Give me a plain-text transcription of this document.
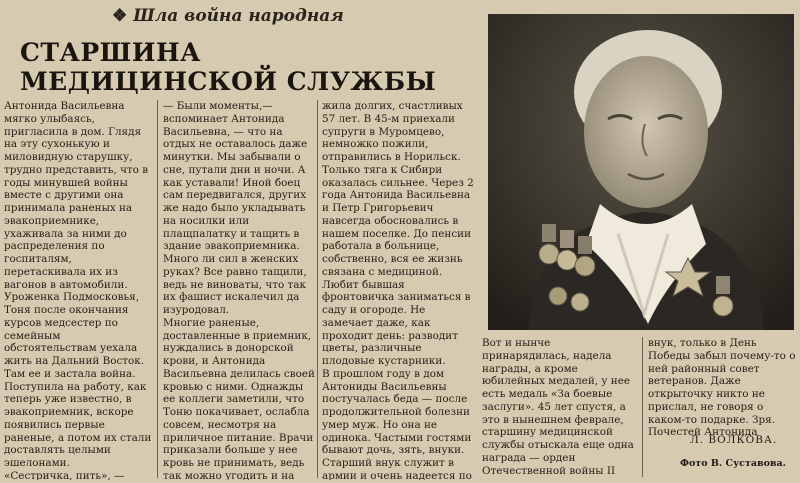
❖ Шла война народная
СТАРШИНА
МЕДИЦИНСКОЙ СЛУЖБЫ
Антонида Васильевна мягко улыбаясь, пригласила в дом. Глядя на эту сухонькую и миловидную старушку, трудно представить, что в годы минувшей войны вместе с другими она принимала раненых на эвакоприемнике, ухаживала за ними до распределения по госпиталям, перетаскивала их из вагонов в автомобили.
Уроженка Подмосковья, Тоня после окончания курсов медсестер по семейным обстоятельствам уехала жить на Дальний Восток. Там ее и застала война. Поступила на работу, как теперь уже известно, в эвакоприемник, вскоре появились первые раненые, а потом их стали доставлять целыми эшелонами.
«Сестричка, пить», —
— Были моменты,—вспоминает Антонида Васильевна, — что на отдых не оставалось даже минутки. Мы забывали о сне, путали дни и ночи. А как уставали! Иной боец сам передвигался, других же надо было укладывать на носилки или плащпалатку и тащить в здание эвакоприемника. Много ли сил в женских руках? Все равно тащили, ведь не виноваты, что так их фашист искалечил да изуродовал.
Многие раненые, доставленные в приемник, нуждались в донорской крови, и Антонида Васильевна делилась своей кровью с ними. Однажды ее коллеги заметили, что Тоню покачивает, ослабла совсем, несмотря на приличное питание. Врачи приказали больше у нее кровь не принимать, ведь так можно угодить и на

жила долгих, счастливых 57 лет. В 45-м приехали супруги в Муромцево, немножко пожили, отправились в Норильск. Только тяга к Сибири оказалась сильнее. Через 2 года Антонида Васильевна и Петр Григорьевич навсегда обосновались в нашем поселке. До пенсии работала в больнице, собственно, вся ее жизнь связана с медициной.
Любит бывшая фронтовичка заниматься в саду и огороде. Не замечает даже, как проходит день: разводит цветы, различные плодовые кустарники.
В прошлом году в дом Антониды Васильевны постучалась беда — после продолжительной болезни умер муж. Но она не одинока. Частыми гостями бывают дочь, зять, внуки. Старший внук служит в армии и очень надеется по

Вот и нынче принарядилась, надела награды, а кроме юбилейных медалей, у нее есть медаль «За боевые заслуги». 45 лет спустя, а это в нынешнем феврале, старшину медицинской службы отыскала еще одна награда — орден Отечественной войны II

внук, только в День Победы забыл почему-то о ней районный совет ветеранов. Даже открыточку никто не прислал, не говоря о каком-то подарке. Зря. Почестей Антонида
Л. ВОЛКОВА.
Фото В. Суставова.
